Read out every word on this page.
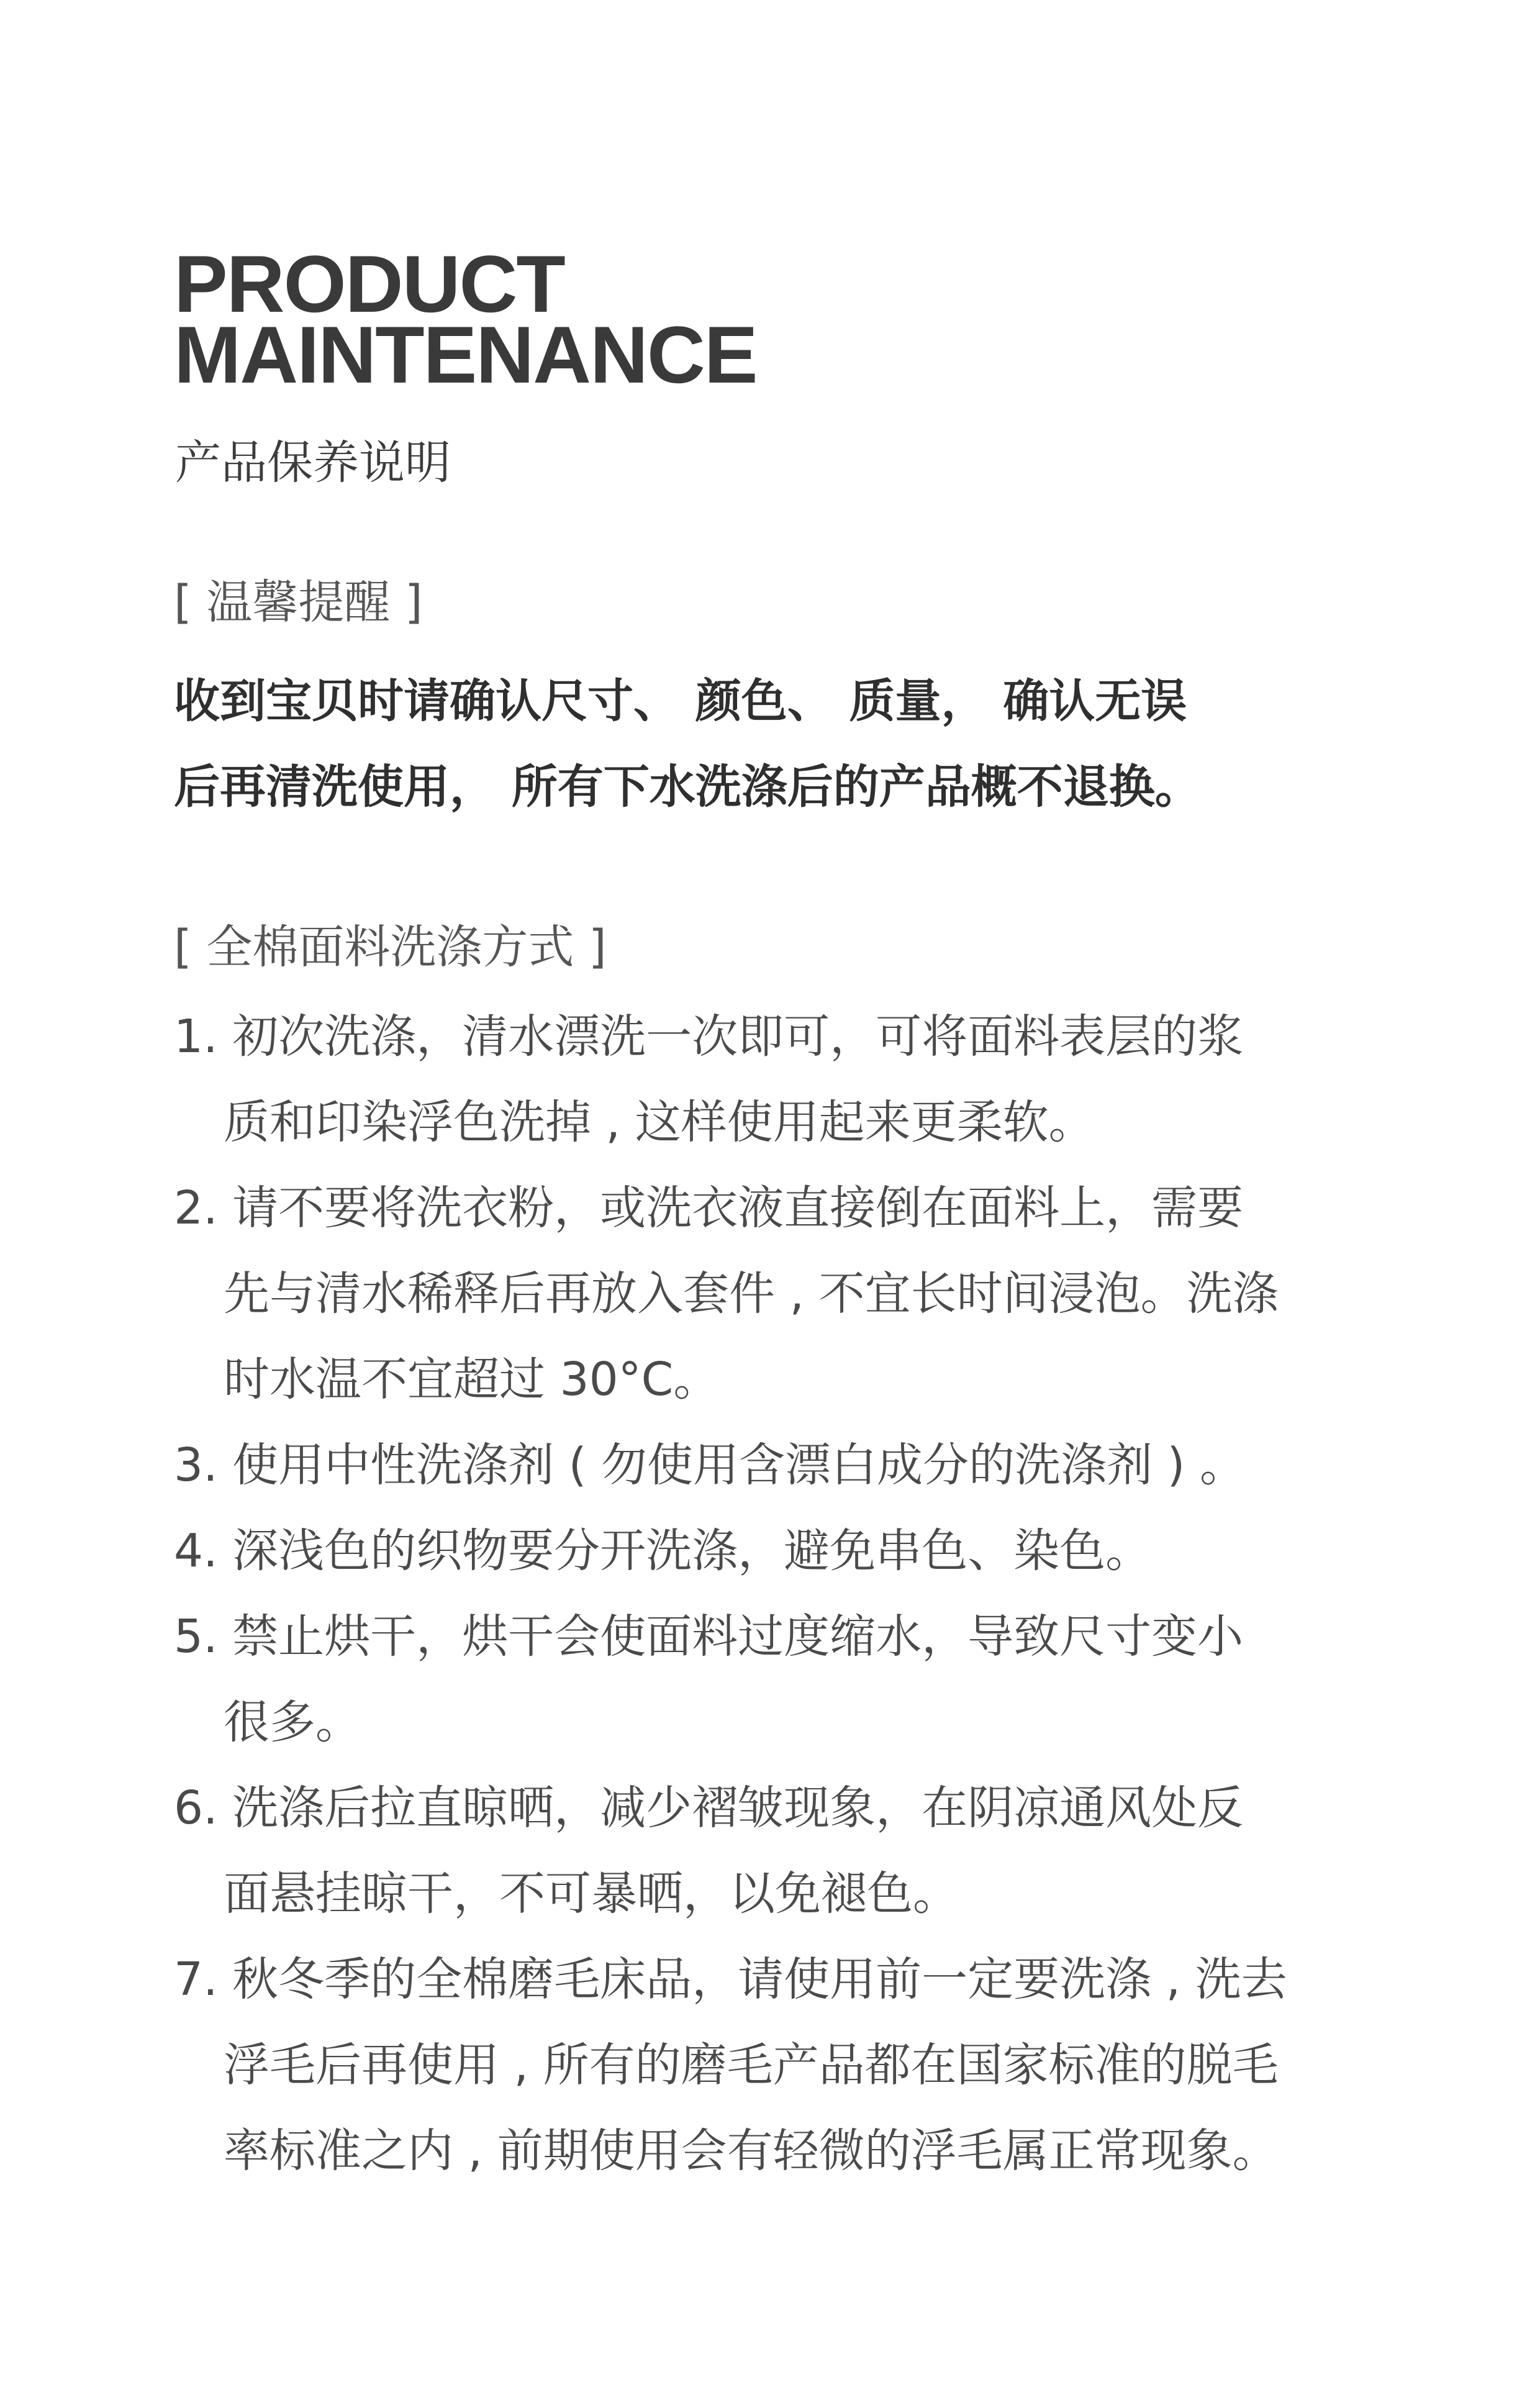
PRODUCT
MAINTENANCE
产品保养说明
[ 温馨提醒 ]
收到宝贝时请确认尺寸、 颜色、 质量， 确认无误
后再清洗使用， 所有下水洗涤后的产品概不退换。
[ 全棉面料洗涤方式 ]
1. 初次洗涤，清水漂洗一次即可，可将面料表层的浆
质和印染浮色洗掉 , 这样使用起来更柔软。
2. 请不要将洗衣粉，或洗衣液直接倒在面料上，需要
先与清水稀释后再放入套件 , 不宜长时间浸泡。洗涤
时水温不宜超过 30°C。
3. 使用中性洗涤剂 ( 勿使用含漂白成分的洗涤剂 ) 。
4. 深浅色的织物要分开洗涤，避免串色、染色。
5. 禁止烘干，烘干会使面料过度缩水，导致尺寸变小
很多。
6. 洗涤后拉直晾晒，减少褶皱现象，在阴凉通风处反
面悬挂晾干，不可暴晒，以免褪色。
7. 秋冬季的全棉磨毛床品，请使用前一定要洗涤 , 洗去
浮毛后再使用 , 所有的磨毛产品都在国家标准的脱毛
率标准之内 , 前期使用会有轻微的浮毛属正常现象。
